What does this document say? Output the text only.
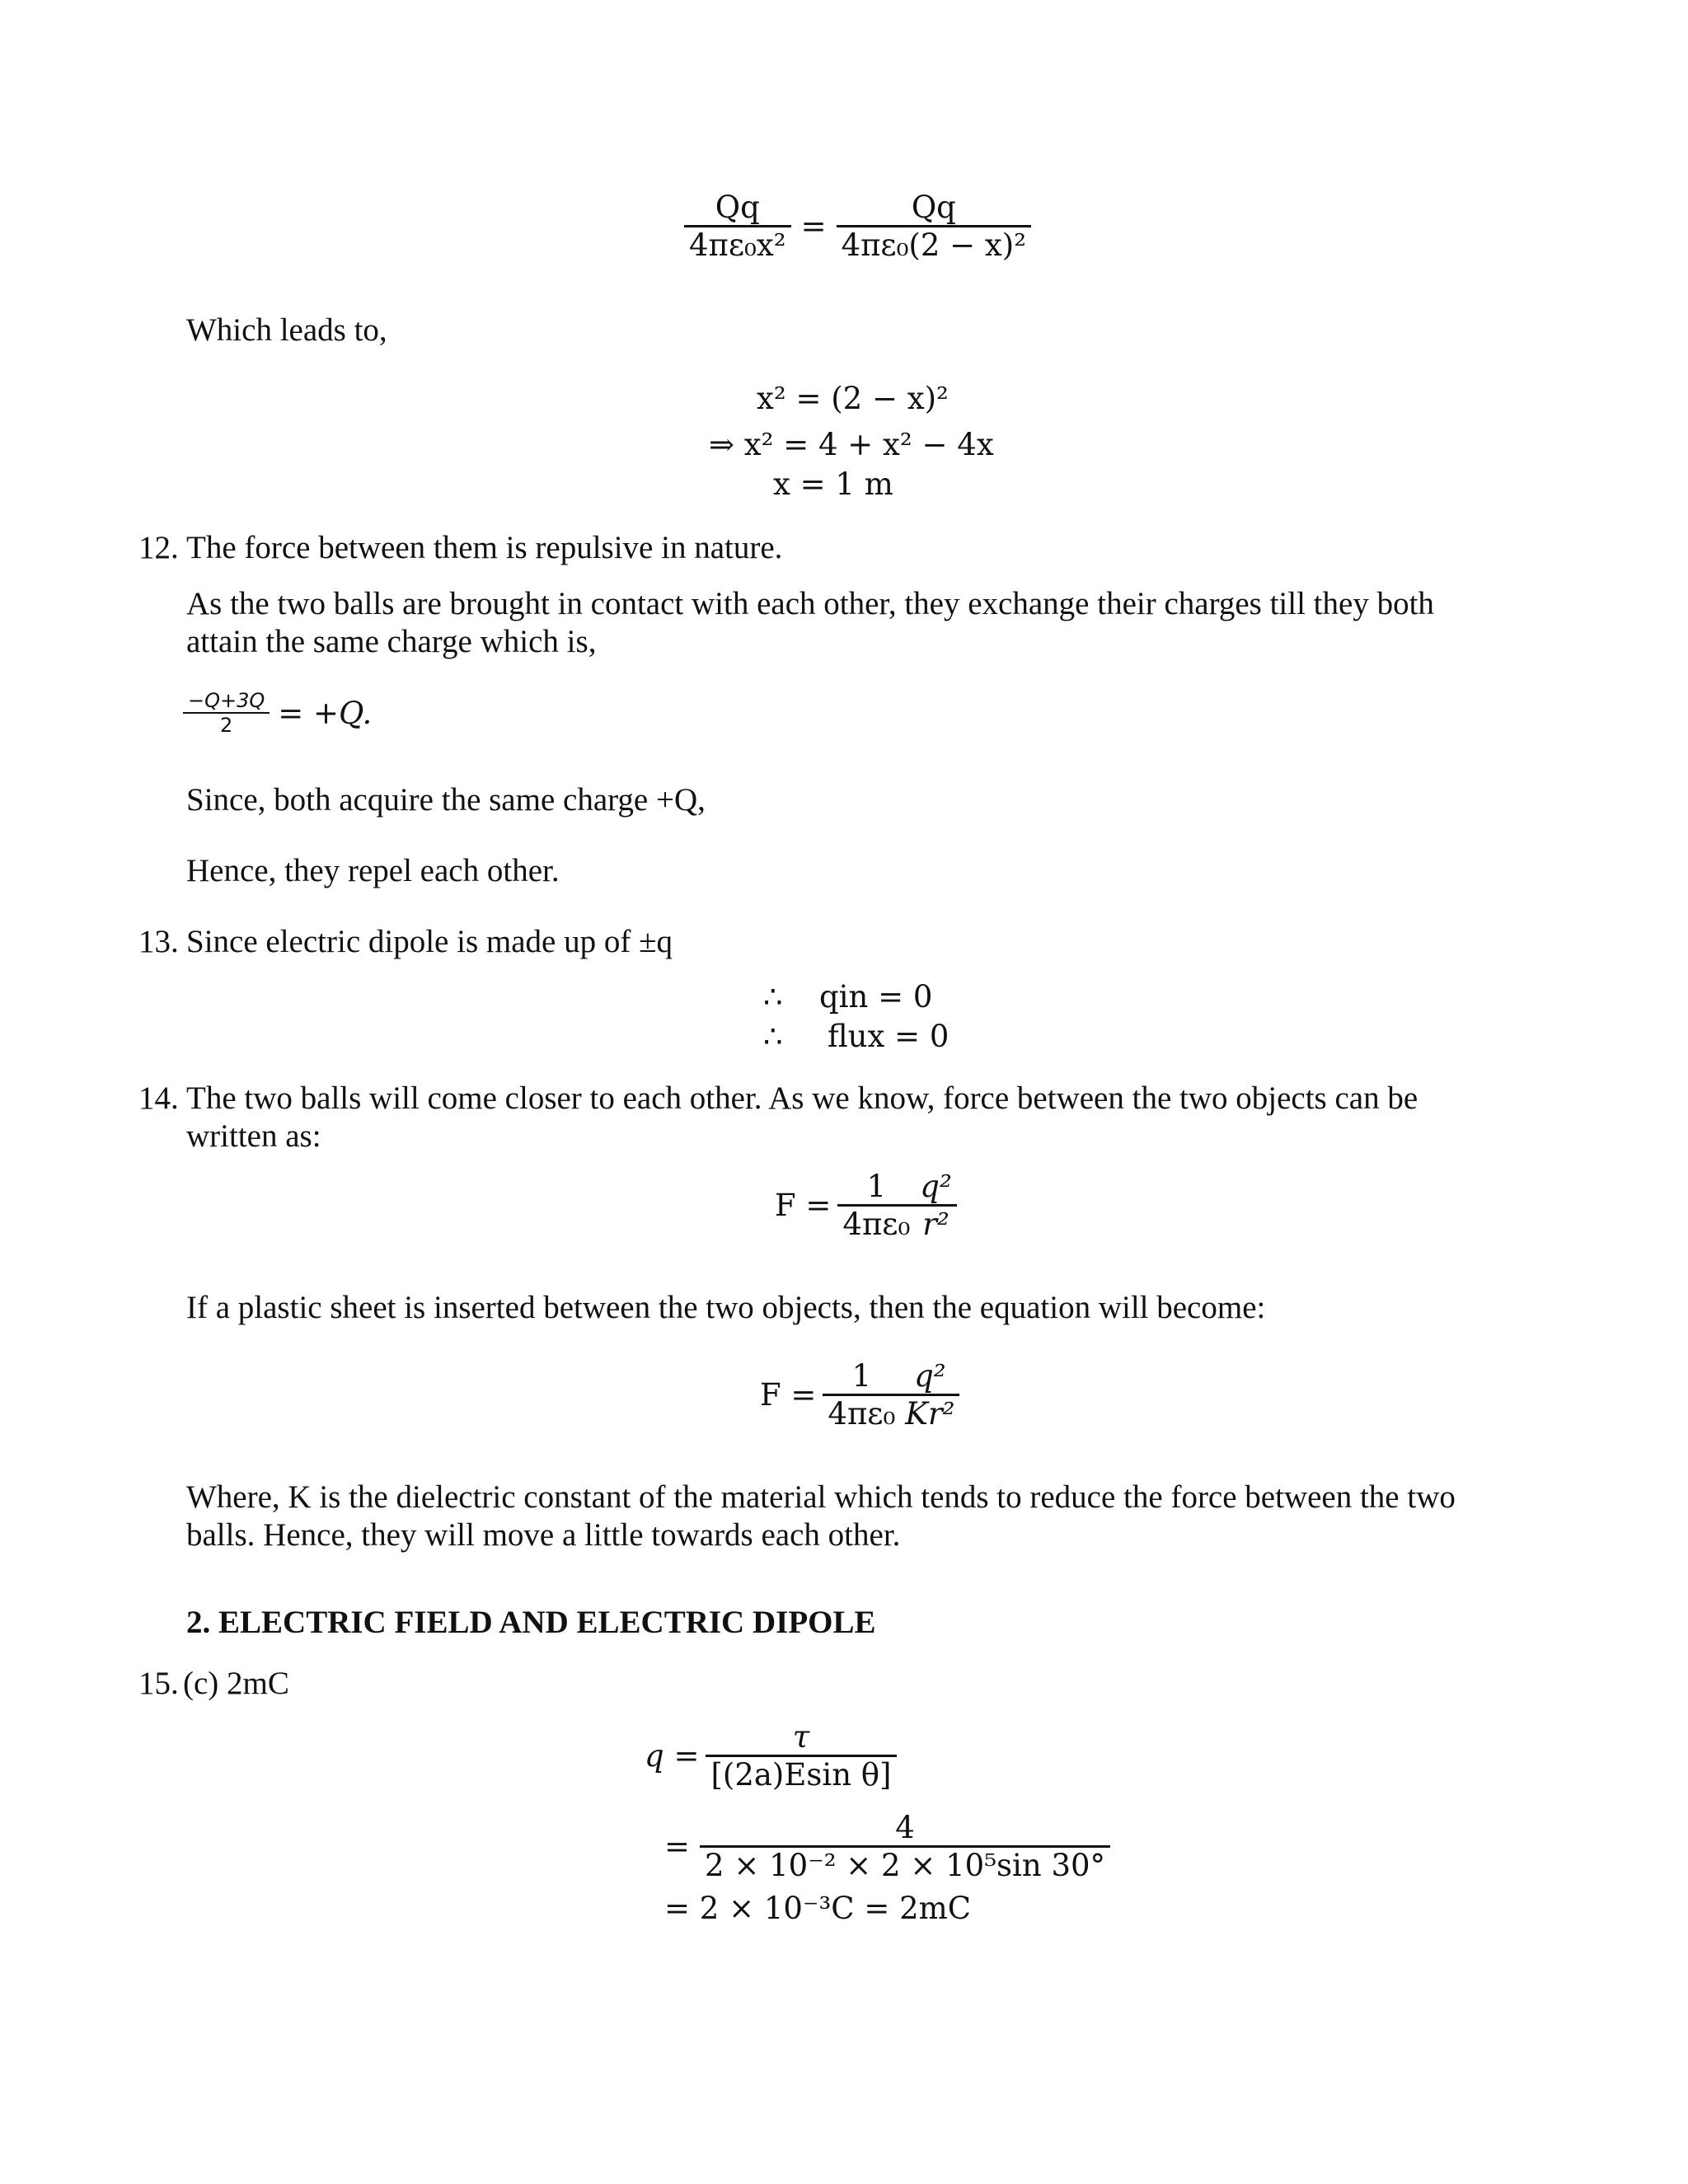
$\frac{Qq}{\text{4πε₀x²}} = \frac{Qq}{\text{4πε₀(2 − x)²}}$
Which leads to,
x² = (2 − x)²
⇒ x² = 4 + x² − 4x
x = 1 m
12. The force between them is repulsive in nature.
As the two balls are brought in contact with each other, they exchange their charges till they both attain the same charge which is,
$\frac{-Q+3Q}{2} = +Q$.
Since, both acquire the same charge +Q,
Hence, they repel each other.
13. Since electric dipole is made up of ±q
∴ qin = 0
∴ flux = 0
14. The two balls will come closer to each other. As we know, force between the two objects can be written as:
$F = \frac{1}{\text{4πε₀}} \frac{\text{q²}}{\text{r²}}$
If a plastic sheet is inserted between the two objects, then the equation will become:
$F = \frac{1}{\text{4πε₀}} \frac{\text{q²}}{\text{Kr²}}$
Where, K is the dielectric constant of the material which tends to reduce the force between the two balls. Hence, they will move a little towards each other.
2. ELECTRIC FIELD AND ELECTRIC DIPOLE
15. (c) 2mC
$q = \frac{\tau}{\text{[(2a)Esin θ]}}$
= $\frac{4}{\text{2 × 10⁻² × 2 × 10⁵sin 30°}}$
= 2 × 10⁻³C = 2mC
